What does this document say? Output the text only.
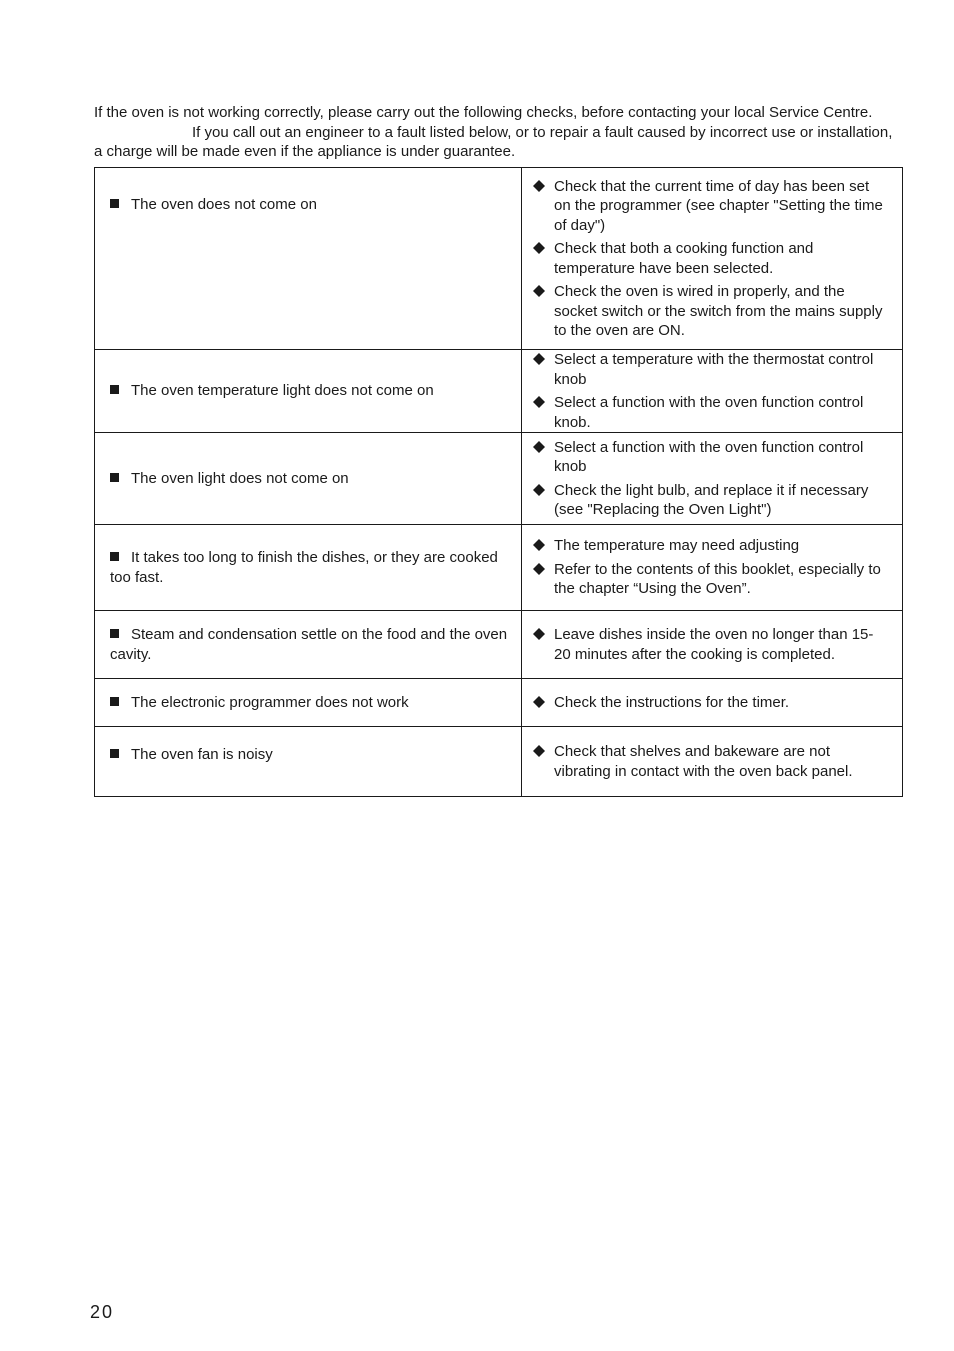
If the oven is not working correctly, please carry out the following checks, before contacting your local Service Centre.

If you call out an engineer to a fault listed below, or to repair a fault caused by incorrect use or installation,

a charge will be made even if the appliance is under guarantee.

The oven does not come on	Check that the current time of day has been set on the programmer (see chapter "Setting the time of day")
Check that both a cooking function and temperature have been selected.
Check the oven is wired in properly, and the socket switch or the switch from the mains supply to the oven are ON.

The oven temperature light does not come on	Select a temperature with the thermostat control knob
Select a function with the oven function control knob.

The oven light does not come on	Select a function with the oven function control knob
Check the light bulb, and replace it if necessary (see "Replacing the Oven Light")

It takes too long to finish the dishes, or they are cooked too fast.	The temperature may need adjusting
Refer to the contents of this booklet, especially to the chapter “Using the Oven”.

Steam and condensation settle on the food and the oven cavity.	Leave dishes inside the oven no longer than 15-20 minutes after the cooking is completed.

The electronic programmer does not work	Check the instructions for the timer.

The oven fan is noisy	Check that shelves and bakeware are not vibrating in contact with the oven back panel.
20
